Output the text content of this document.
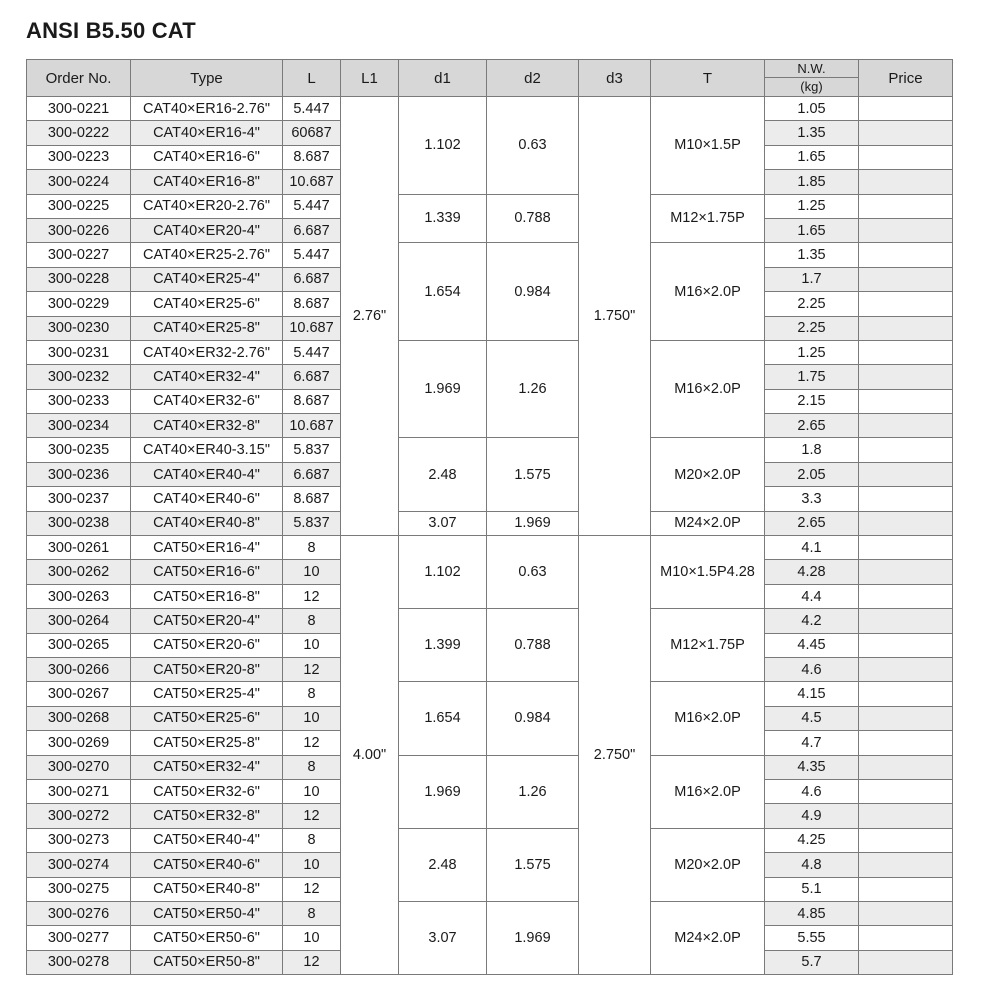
ANSI B5.50 CAT
Order No.	Type	L	L1	d1	d2	d3	T	N.W.
(kg)	Price
300-0221	CAT40×ER16-2.76"	5.447	2.76"	1.102	0.63	1.750"	M10×1.5P	1.05	
300-0222	CAT40×ER16-4"	60687						1.35	
300-0223	CAT40×ER16-6"	8.687						1.65	
300-0224	CAT40×ER16-8"	10.687						1.85	
300-0225	CAT40×ER20-2.76"	5.447		1.339	0.788		M12×1.75P	1.25	
300-0226	CAT40×ER20-4"	6.687						1.65	
300-0227	CAT40×ER25-2.76"	5.447		1.654	0.984		M16×2.0P	1.35	
300-0228	CAT40×ER25-4"	6.687						1.7	
300-0229	CAT40×ER25-6"	8.687						2.25	
300-0230	CAT40×ER25-8"	10.687						2.25	
300-0231	CAT40×ER32-2.76"	5.447		1.969	1.26		M16×2.0P	1.25	
300-0232	CAT40×ER32-4"	6.687						1.75	
300-0233	CAT40×ER32-6"	8.687						2.15	
300-0234	CAT40×ER32-8"	10.687						2.65	
300-0235	CAT40×ER40-3.15"	5.837		2.48	1.575		M20×2.0P	1.8	
300-0236	CAT40×ER40-4"	6.687						2.05	
300-0237	CAT40×ER40-6"	8.687						3.3	
300-0238	CAT40×ER40-8"	5.837		3.07	1.969		M24×2.0P	2.65	
300-0261	CAT50×ER16-4"	8	4.00"	1.102	0.63	2.750"	M10×1.5P4.28	4.1	
300-0262	CAT50×ER16-6"	10						4.28	
300-0263	CAT50×ER16-8"	12						4.4	
300-0264	CAT50×ER20-4"	8		1.399	0.788		M12×1.75P	4.2	
300-0265	CAT50×ER20-6"	10						4.45	
300-0266	CAT50×ER20-8"	12						4.6	
300-0267	CAT50×ER25-4"	8		1.654	0.984		M16×2.0P	4.15	
300-0268	CAT50×ER25-6"	10						4.5	
300-0269	CAT50×ER25-8"	12						4.7	
300-0270	CAT50×ER32-4"	8		1.969	1.26		M16×2.0P	4.35	
300-0271	CAT50×ER32-6"	10						4.6	
300-0272	CAT50×ER32-8"	12						4.9	
300-0273	CAT50×ER40-4"	8		2.48	1.575		M20×2.0P	4.25	
300-0274	CAT50×ER40-6"	10						4.8	
300-0275	CAT50×ER40-8"	12						5.1	
300-0276	CAT50×ER50-4"	8		3.07	1.969		M24×2.0P	4.85	
300-0277	CAT50×ER50-6"	10						5.55	
300-0278	CAT50×ER50-8"	12						5.7	
